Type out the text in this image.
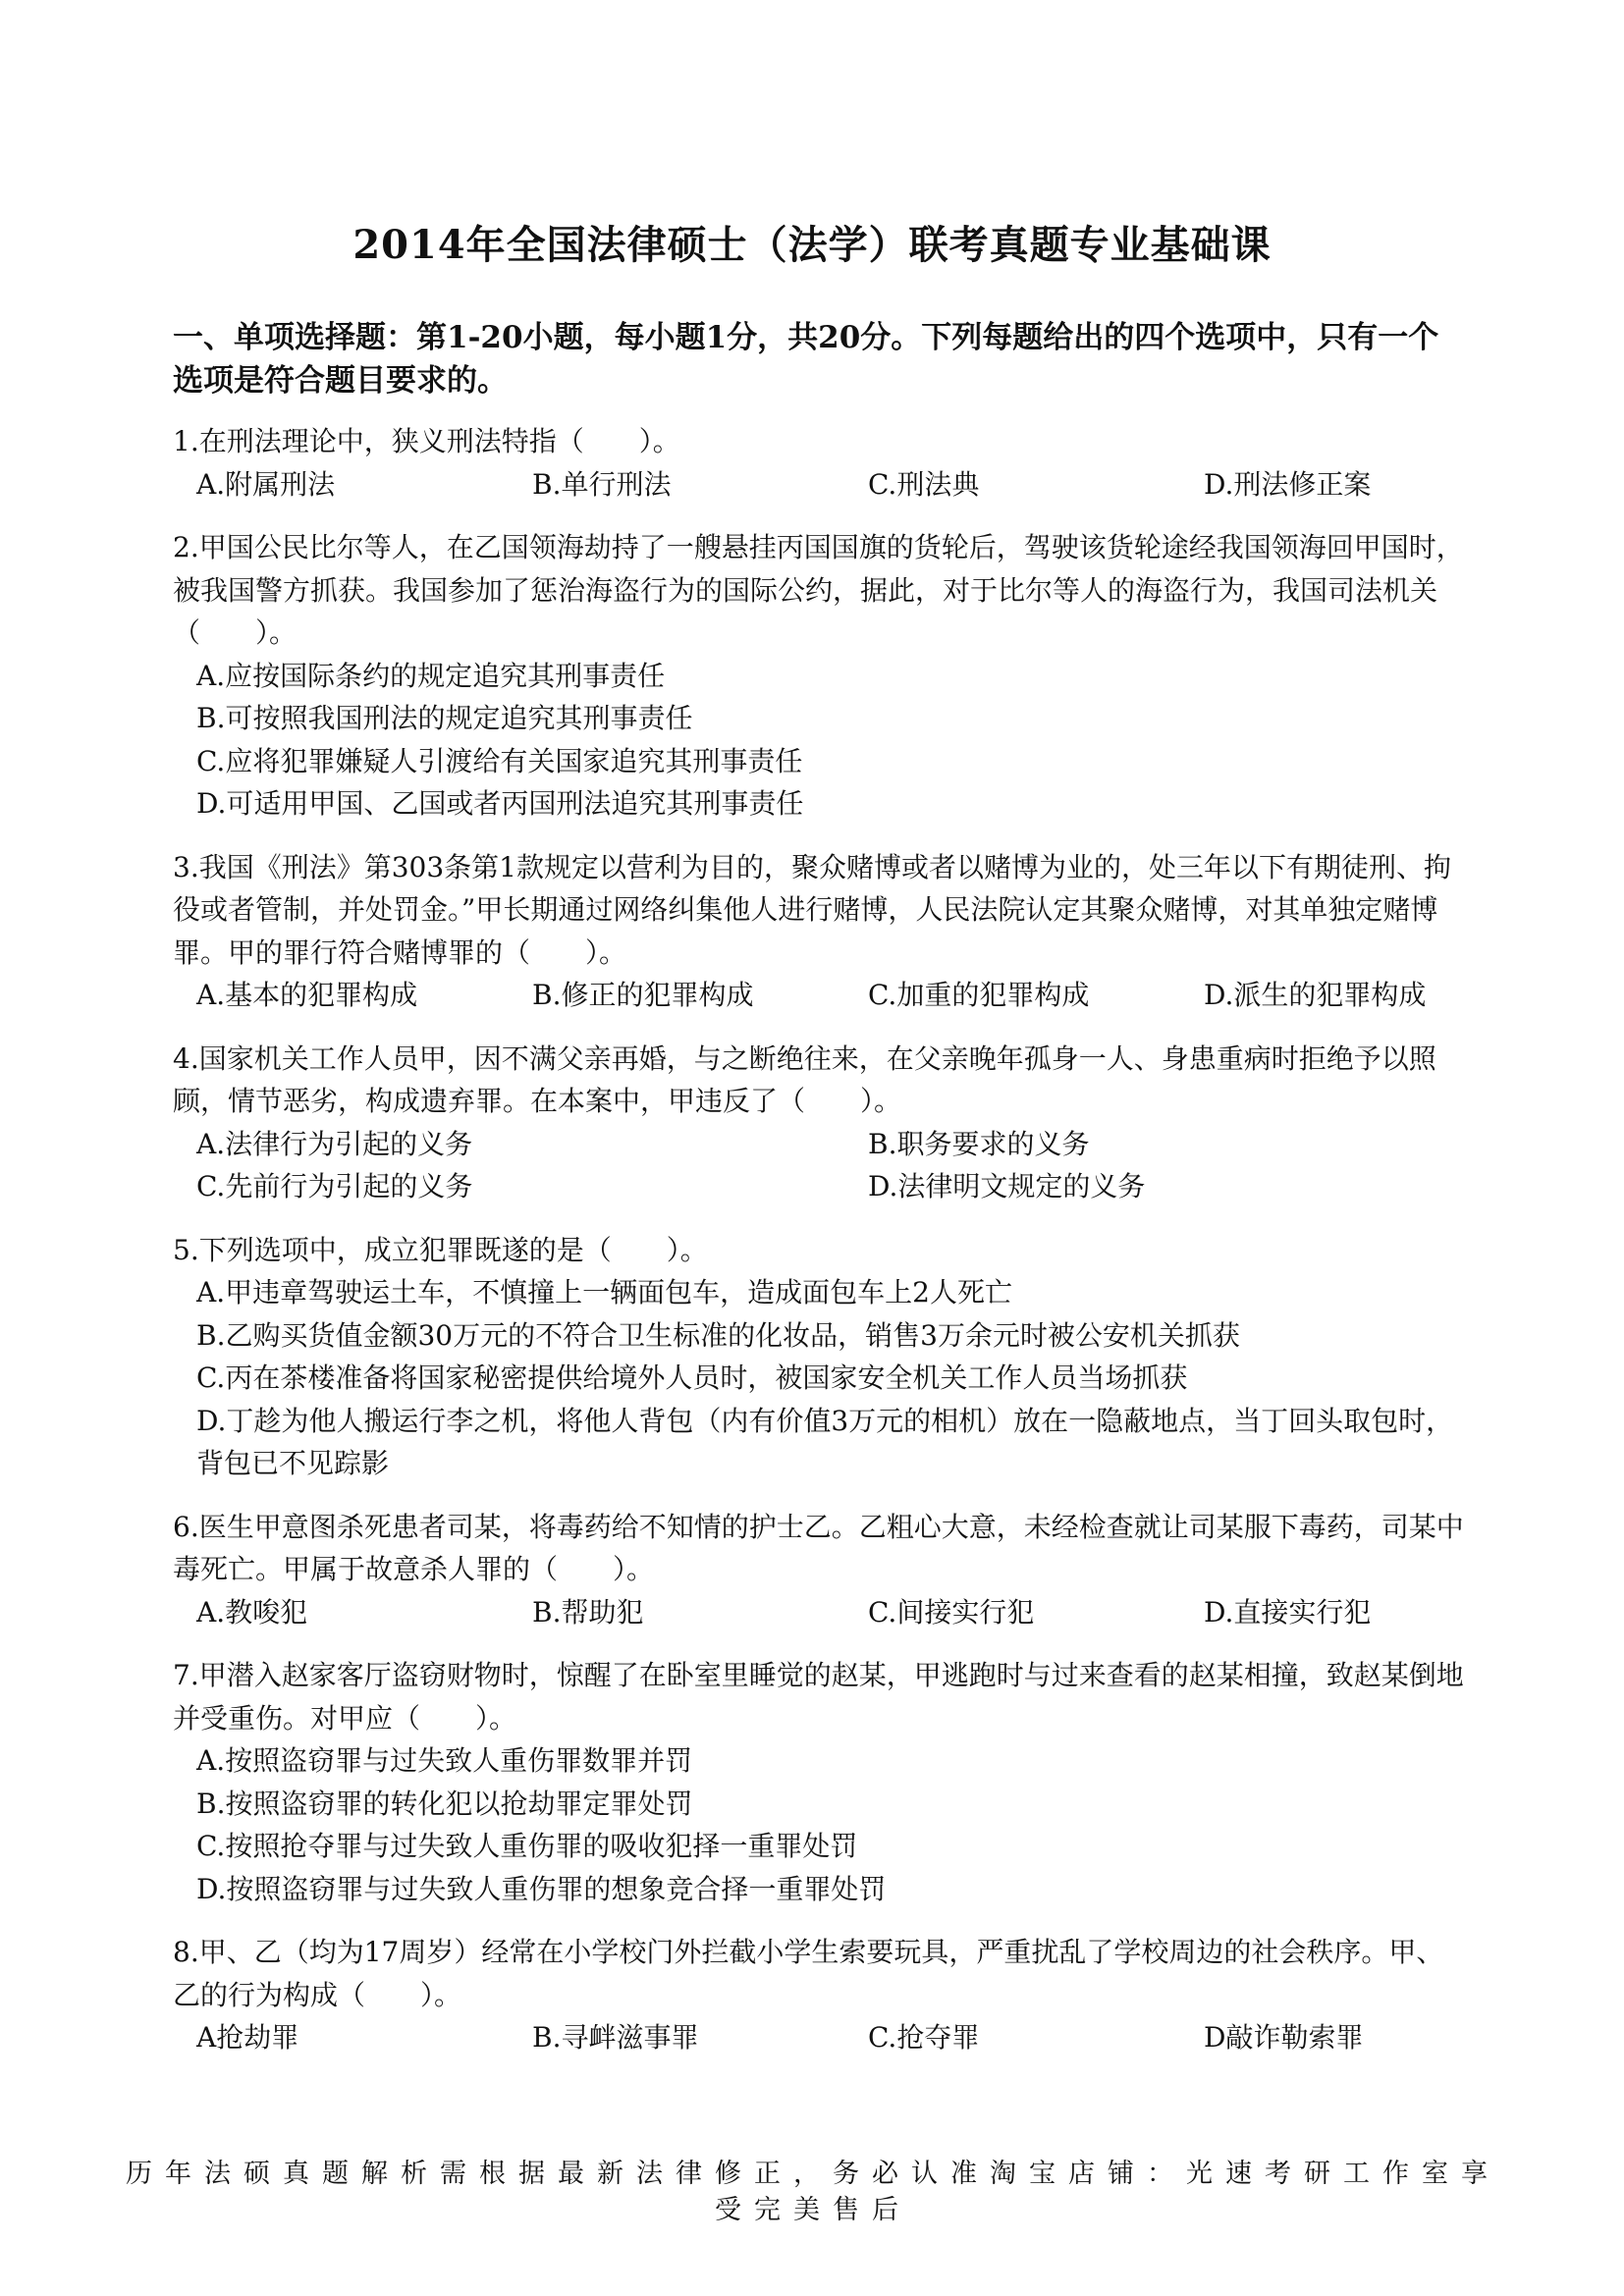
2014年全国法律硕士（法学）联考真题专业基础课
一、单项选择题：第1-20小题，每小题1分，共20分。下列每题给出的四个选项中，只有一个选项是符合题目要求的。
1.在刑法理论中，狭义刑法特指（　　）。
A.附属刑法	B.单行刑法	C.刑法典	D.刑法修正案
2.甲国公民比尔等人，在乙国领海劫持了一艘悬挂丙国国旗的货轮后，驾驶该货轮途经我国领海回甲国时，被我国警方抓获。我国参加了惩治海盗行为的国际公约，据此，对于比尔等人的海盗行为，我国司法机关（　　）。
A.应按国际条约的规定追究其刑事责任
B.可按照我国刑法的规定追究其刑事责任
C.应将犯罪嫌疑人引渡给有关国家追究其刑事责任
D.可适用甲国、乙国或者丙国刑法追究其刑事责任
3.我国《刑法》第303条第1款规定以营利为目的，聚众赌博或者以赌博为业的，处三年以下有期徒刑、拘役或者管制，并处罚金。”甲长期通过网络纠集他人进行赌博，人民法院认定其聚众赌博，对其单独定赌博罪。甲的罪行符合赌博罪的（　　）。
A.基本的犯罪构成	B.修正的犯罪构成	C.加重的犯罪构成	D.派生的犯罪构成
4.国家机关工作人员甲，因不满父亲再婚，与之断绝往来，在父亲晚年孤身一人、身患重病时拒绝予以照顾，情节恶劣，构成遗弃罪。在本案中，甲违反了（　　）。
A.法律行为引起的义务	B.职务要求的义务
C.先前行为引起的义务	D.法律明文规定的义务
5.下列选项中，成立犯罪既遂的是（　　）。
A.甲违章驾驶运土车，不慎撞上一辆面包车，造成面包车上2人死亡
B.乙购买货值金额30万元的不符合卫生标准的化妆品，销售3万余元时被公安机关抓获
C.丙在茶楼准备将国家秘密提供给境外人员时，被国家安全机关工作人员当场抓获
D.丁趁为他人搬运行李之机，将他人背包（内有价值3万元的相机）放在一隐蔽地点，当丁回头取包时，背包已不见踪影
6.医生甲意图杀死患者司某，将毒药给不知情的护士乙。乙粗心大意，未经检查就让司某服下毒药，司某中毒死亡。甲属于故意杀人罪的（　　）。
A.教唆犯	B.帮助犯	C.间接实行犯	D.直接实行犯
7.甲潜入赵家客厅盗窃财物时，惊醒了在卧室里睡觉的赵某，甲逃跑时与过来查看的赵某相撞，致赵某倒地并受重伤。对甲应（　　）。
A.按照盗窃罪与过失致人重伤罪数罪并罚
B.按照盗窃罪的转化犯以抢劫罪定罪处罚
C.按照抢夺罪与过失致人重伤罪的吸收犯择一重罪处罚
D.按照盗窃罪与过失致人重伤罪的想象竞合择一重罪处罚
8.甲、乙（均为17周岁）经常在小学校门外拦截小学生索要玩具，严重扰乱了学校周边的社会秩序。甲、乙的行为构成（　　）。
A抢劫罪	B.寻衅滋事罪	C.抢夺罪	D敲诈勒索罪
历年法硕真题解析需根据最新法律修正，务必认准淘宝店铺：光速考研工作室享受完美售后
